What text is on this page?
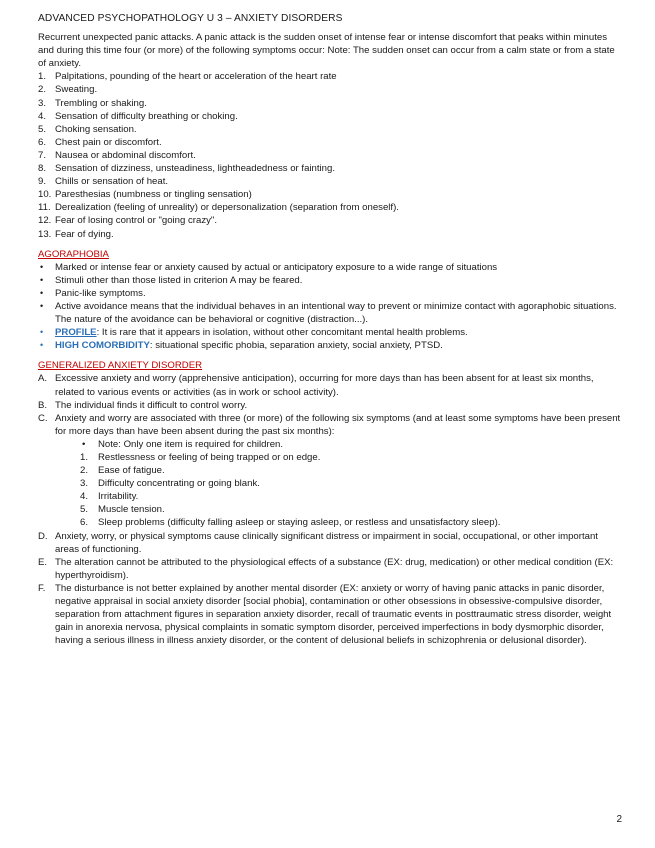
ADVANCED PSYCHOPATHOLOGY U 3 – ANXIETY DISORDERS

Recurrent unexpected panic attacks. A panic attack is the sudden onset of intense fear or intense discomfort that peaks within minutes and during this time four (or more) of the following symptoms occur: Note: The sudden onset can occur from a calm state or from a state of anxiety.

1. Palpitations, pounding of the heart or acceleration of the heart rate
2. Sweating.
3. Trembling or shaking.
4. Sensation of difficulty breathing or choking.
5. Choking sensation.
6. Chest pain or discomfort.
7. Nausea or abdominal discomfort.
8. Sensation of dizziness, unsteadiness, lightheadedness or fainting.
9. Chills or sensation of heat.
10. Paresthesias (numbness or tingling sensation)
11. Derealization (feeling of unreality) or depersonalization (separation from oneself).
12. Fear of losing control or "going crazy".
13. Fear of dying.
AGORAPHOBIA
• Marked or intense fear or anxiety caused by actual or anticipatory exposure to a wide range of situations
• Stimuli other than those listed in criterion A may be feared.
• Panic-like symptoms.
• Active avoidance means that the individual behaves in an intentional way to prevent or minimize contact with agoraphobic situations. The nature of the avoidance can be behavioral or cognitive (distraction...).
• PROFILE: It is rare that it appears in isolation, without other concomitant mental health problems.
• HIGH COMORBIDITY: situational specific phobia, separation anxiety, social anxiety, PTSD.
GENERALIZED ANXIETY DISORDER
A. Excessive anxiety and worry (apprehensive anticipation), occurring for more days than has been absent for at least six months, related to various events or activities (as in work or school activity).
B. The individual finds it difficult to control worry.
C. Anxiety and worry are associated with three (or more) of the following six symptoms (and at least some symptoms have been present for more days than have been absent during the past six months):
• Note: Only one item is required for children.
1. Restlessness or feeling of being trapped or on edge.
2. Ease of fatigue.
3. Difficulty concentrating or going blank.
4. Irritability.
5. Muscle tension.
6. Sleep problems (difficulty falling asleep or staying asleep, or restless and unsatisfactory sleep).
D. Anxiety, worry, or physical symptoms cause clinically significant distress or impairment in social, occupational, or other important areas of functioning.
E. The alteration cannot be attributed to the physiological effects of a substance (EX: drug, medication) or other medical condition (EX: hyperthyroidism).
F. The disturbance is not better explained by another mental disorder (EX: anxiety or worry of having panic attacks in panic disorder, negative appraisal in social anxiety disorder [social phobia], contamination or other obsessions in obsessive-compulsive disorder, separation from attachment figures in separation anxiety disorder, recall of traumatic events in posttraumatic stress disorder, weight gain in anorexia nervosa, physical complaints in somatic symptom disorder, perceived imperfections in body dysmorphic disorder, having a serious illness in illness anxiety disorder, or the content of delusional beliefs in schizophrenia or delusional disorder).
2
